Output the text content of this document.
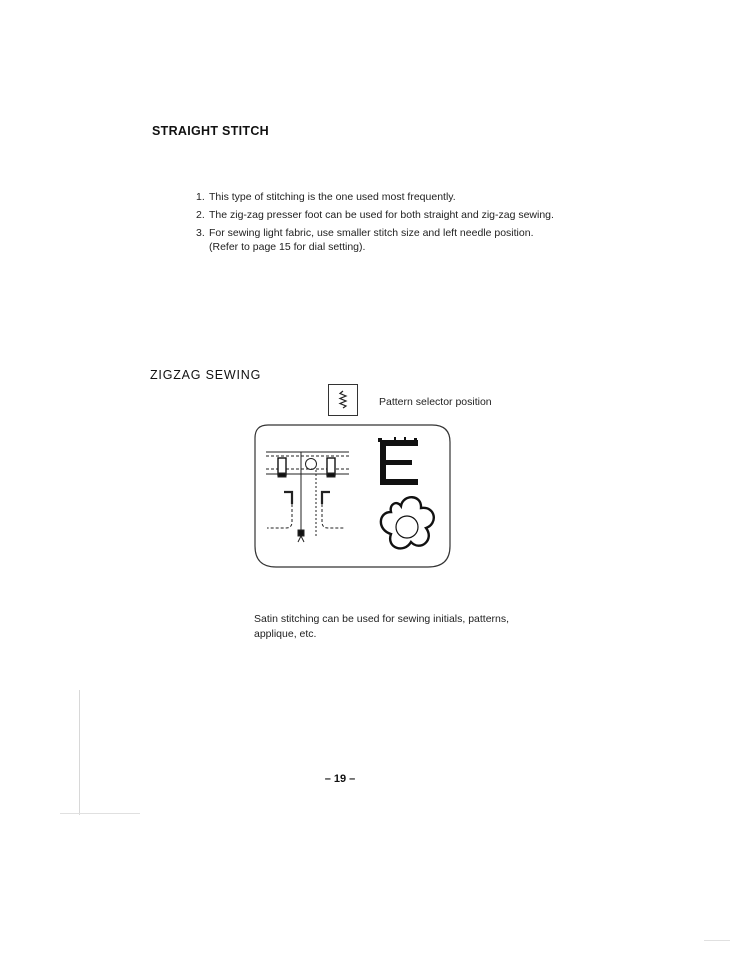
STRAIGHT STITCH
1. This type of stitching is the one used most frequently.
2. The zig-zag presser foot can be used for both straight and zig-zag sewing.
3. For sewing light fabric, use smaller stitch size and left needle position. (Refer to page 15 for dial setting).
ZIGZAG SEWING
Pattern selector position
Satin stitching can be used for sewing initials, patterns, applique, etc.
– 19 –
